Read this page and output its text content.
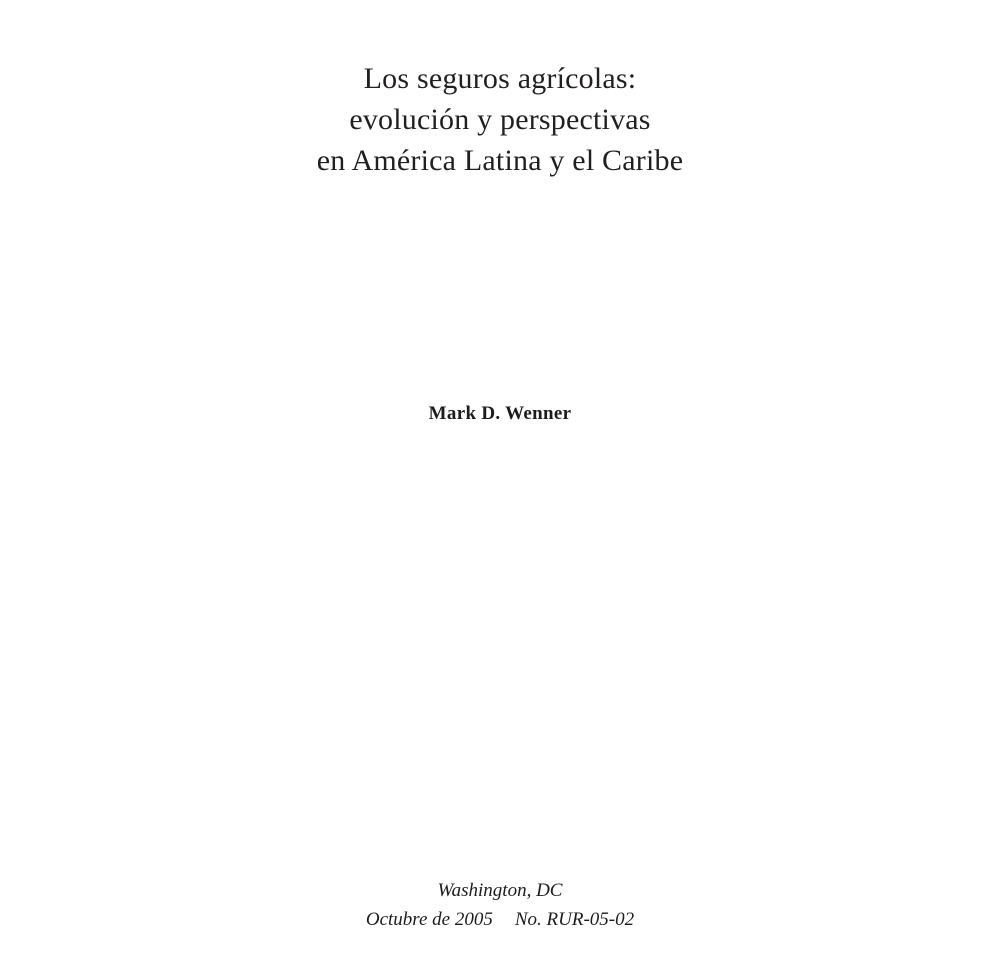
Los seguros agrícolas:
evolución y perspectivas
en América Latina y el Caribe
Mark D. Wenner
Washington, DC
Octubre de 2005 No. RUR-05-02
